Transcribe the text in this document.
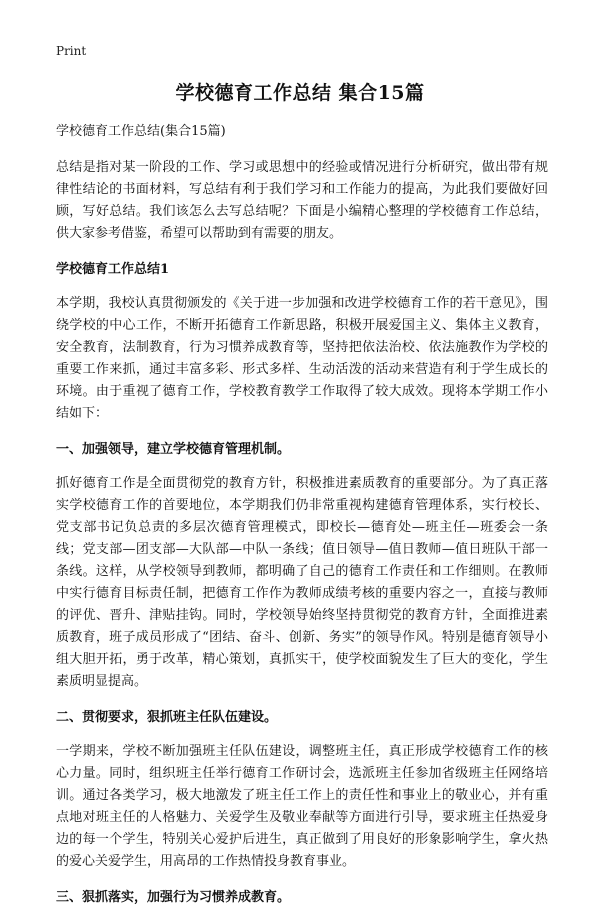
Print
学校德育工作总结 集合15篇
学校德育工作总结(集合15篇)

总结是指对某一阶段的工作、学习或思想中的经验或情况进行分析研究，做出带有规律性结论的书面材料，写总结有利于我们学习和工作能力的提高，为此我们要做好回顾，写好总结。我们该怎么去写总结呢？下面是小编精心整理的学校德育工作总结，供大家参考借鉴，希望可以帮助到有需要的朋友。

学校德育工作总结1

本学期，我校认真贯彻颁发的《关于进一步加强和改进学校德育工作的若干意见》，围绕学校的中心工作，不断开拓德育工作新思路，积极开展爱国主义、集体主义教育，安全教育，法制教育，行为习惯养成教育等，坚持把依法治校、依法施教作为学校的重要工作来抓，通过丰富多彩、形式多样、生动活泼的活动来营造有利于学生成长的环境。由于重视了德育工作，学校教育教学工作取得了较大成效。现将本学期工作小结如下：

一、加强领导，建立学校德育管理机制。

抓好德育工作是全面贯彻党的教育方针，积极推进素质教育的重要部分。为了真正落实学校德育工作的首要地位，本学期我们仍非常重视构建德育管理体系，实行校长、党支部书记负总责的多层次德育管理模式，即校长—德育处—班主任—班委会一条线；党支部—团支部—大队部—中队一条线；值日领导—值日教师—值日班队干部一条线。这样，从学校领导到教师，都明确了自己的德育工作责任和工作细则。在教师中实行德育目标责任制，把德育工作作为教师成绩考核的重要内容之一，直接与教师的评优、晋升、津贴挂钩。同时，学校领导始终坚持贯彻党的教育方针，全面推进素质教育，班子成员形成了“团结、奋斗、创新、务实”的领导作风。特别是德育领导小组大胆开拓，勇于改革，精心策划，真抓实干，使学校面貌发生了巨大的变化，学生素质明显提高。

二、贯彻要求，狠抓班主任队伍建设。

一学期来，学校不断加强班主任队伍建设，调整班主任，真正形成学校德育工作的核心力量。同时，组织班主任举行德育工作研讨会，选派班主任参加省级班主任网络培训。通过各类学习，极大地激发了班主任工作上的责任性和事业上的敬业心，并有重点地对班主任的人格魅力、关爱学生及敬业奉献等方面进行引导，要求班主任热爱身边的每一个学生，特别关心爱护后进生，真正做到了用良好的形象影响学生，拿火热的爱心关爱学生，用高昂的工作热情投身教育事业。

三、狠抓落实，加强行为习惯养成教育。
